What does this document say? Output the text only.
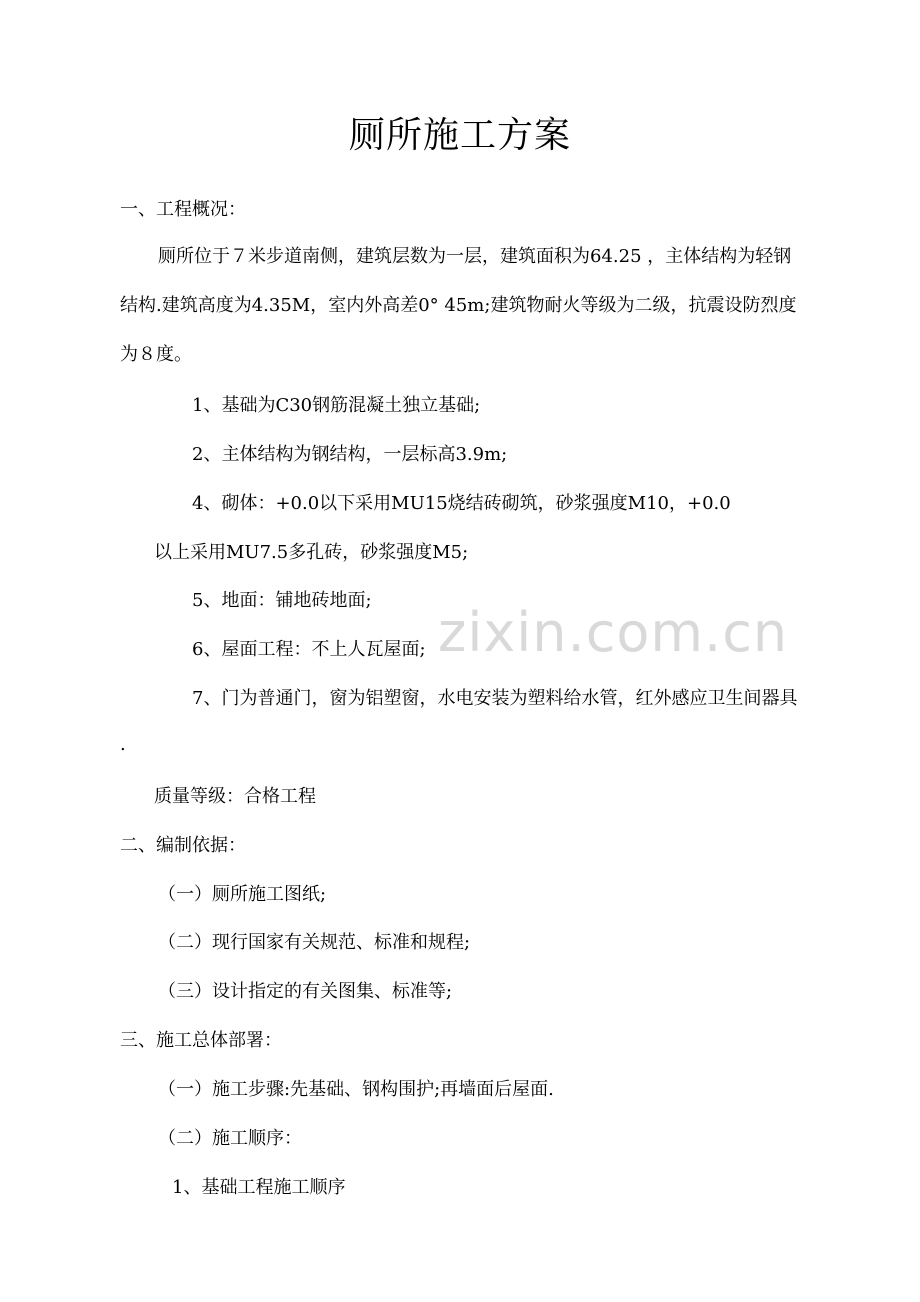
厕所施工方案
一、工程概况：
厕所位于７米步道南侧，建筑层数为一层，建筑面积为64.25 ，主体结构为轻钢
结构.建筑高度为4.35M，室内外高差0° 45m;建筑物耐火等级为二级，抗震设防烈度
为８度。
1、基础为C30钢筋混凝土独立基础;
2、主体结构为钢结构，一层标高3.9m;
4、砌体：+0.0以下采用MU15烧结砖砌筑，砂浆强度M10，+0.0
以上采用MU7.5多孔砖，砂浆强度M5;
5、地面：铺地砖地面;
6、屋面工程：不上人瓦屋面;
7、门为普通门，窗为铝塑窗，水电安装为塑料给水管，红外感应卫生间器具
.
质量等级：合格工程
二、编制依据：
（一）厕所施工图纸;
（二）现行国家有关规范、标准和规程;
（三）设计指定的有关图集、标准等;
三、施工总体部署：
（一）施工步骤:先基础、钢构围护;再墙面后屋面.
（二）施工顺序：
1、基础工程施工顺序
zixin.com.cn
